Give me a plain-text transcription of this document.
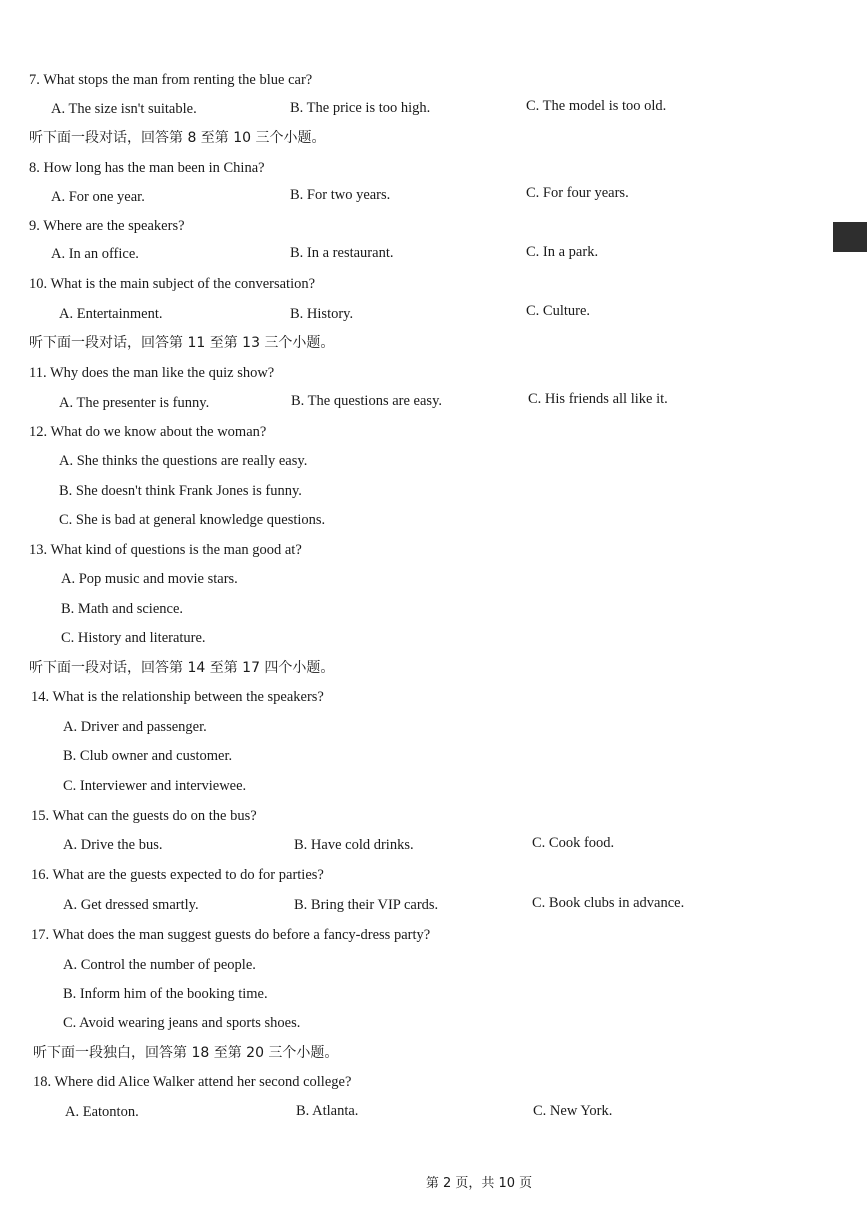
7. What stops the man from renting the blue car?
A. The size isn't suitable.	B. The price is too high.	C. The model is too old.
听下面一段对话，回答第 8 至第 10 三个小题。
8. How long has the man been in China?
A. For one year.	B. For two years.	C. For four years.
9. Where are the speakers?
A. In an office.	B. In a restaurant.	C. In a park.
10. What is the main subject of the conversation?
A. Entertainment.	B. History.	C. Culture.
听下面一段对话，回答第 11 至第 13 三个小题。
11. Why does the man like the quiz show?
A. The presenter is funny.	B. The questions are easy.	C. His friends all like it.
12. What do we know about the woman?
A. She thinks the questions are really easy.
B. She doesn't think Frank Jones is funny.
C. She is bad at general knowledge questions.
13. What kind of questions is the man good at?
A. Pop music and movie stars.
B. Math and science.
C. History and literature.
听下面一段对话，回答第 14 至第 17 四个小题。
14. What is the relationship between the speakers?
A. Driver and passenger.
B. Club owner and customer.
C. Interviewer and interviewee.
15. What can the guests do on the bus?
A. Drive the bus.	B. Have cold drinks.	C. Cook food.
16. What are the guests expected to do for parties?
A. Get dressed smartly.	B. Bring their VIP cards.	C. Book clubs in advance.
17. What does the man suggest guests do before a fancy-dress party?
A. Control the number of people.
B. Inform him of the booking time.
C. Avoid wearing jeans and sports shoes.
听下面一段独白，回答第 18 至第 20 三个小题。
18. Where did Alice Walker attend her second college?
A. Eatonton.	B. Atlanta.	C. New York.
第 2 页，共 10 页
